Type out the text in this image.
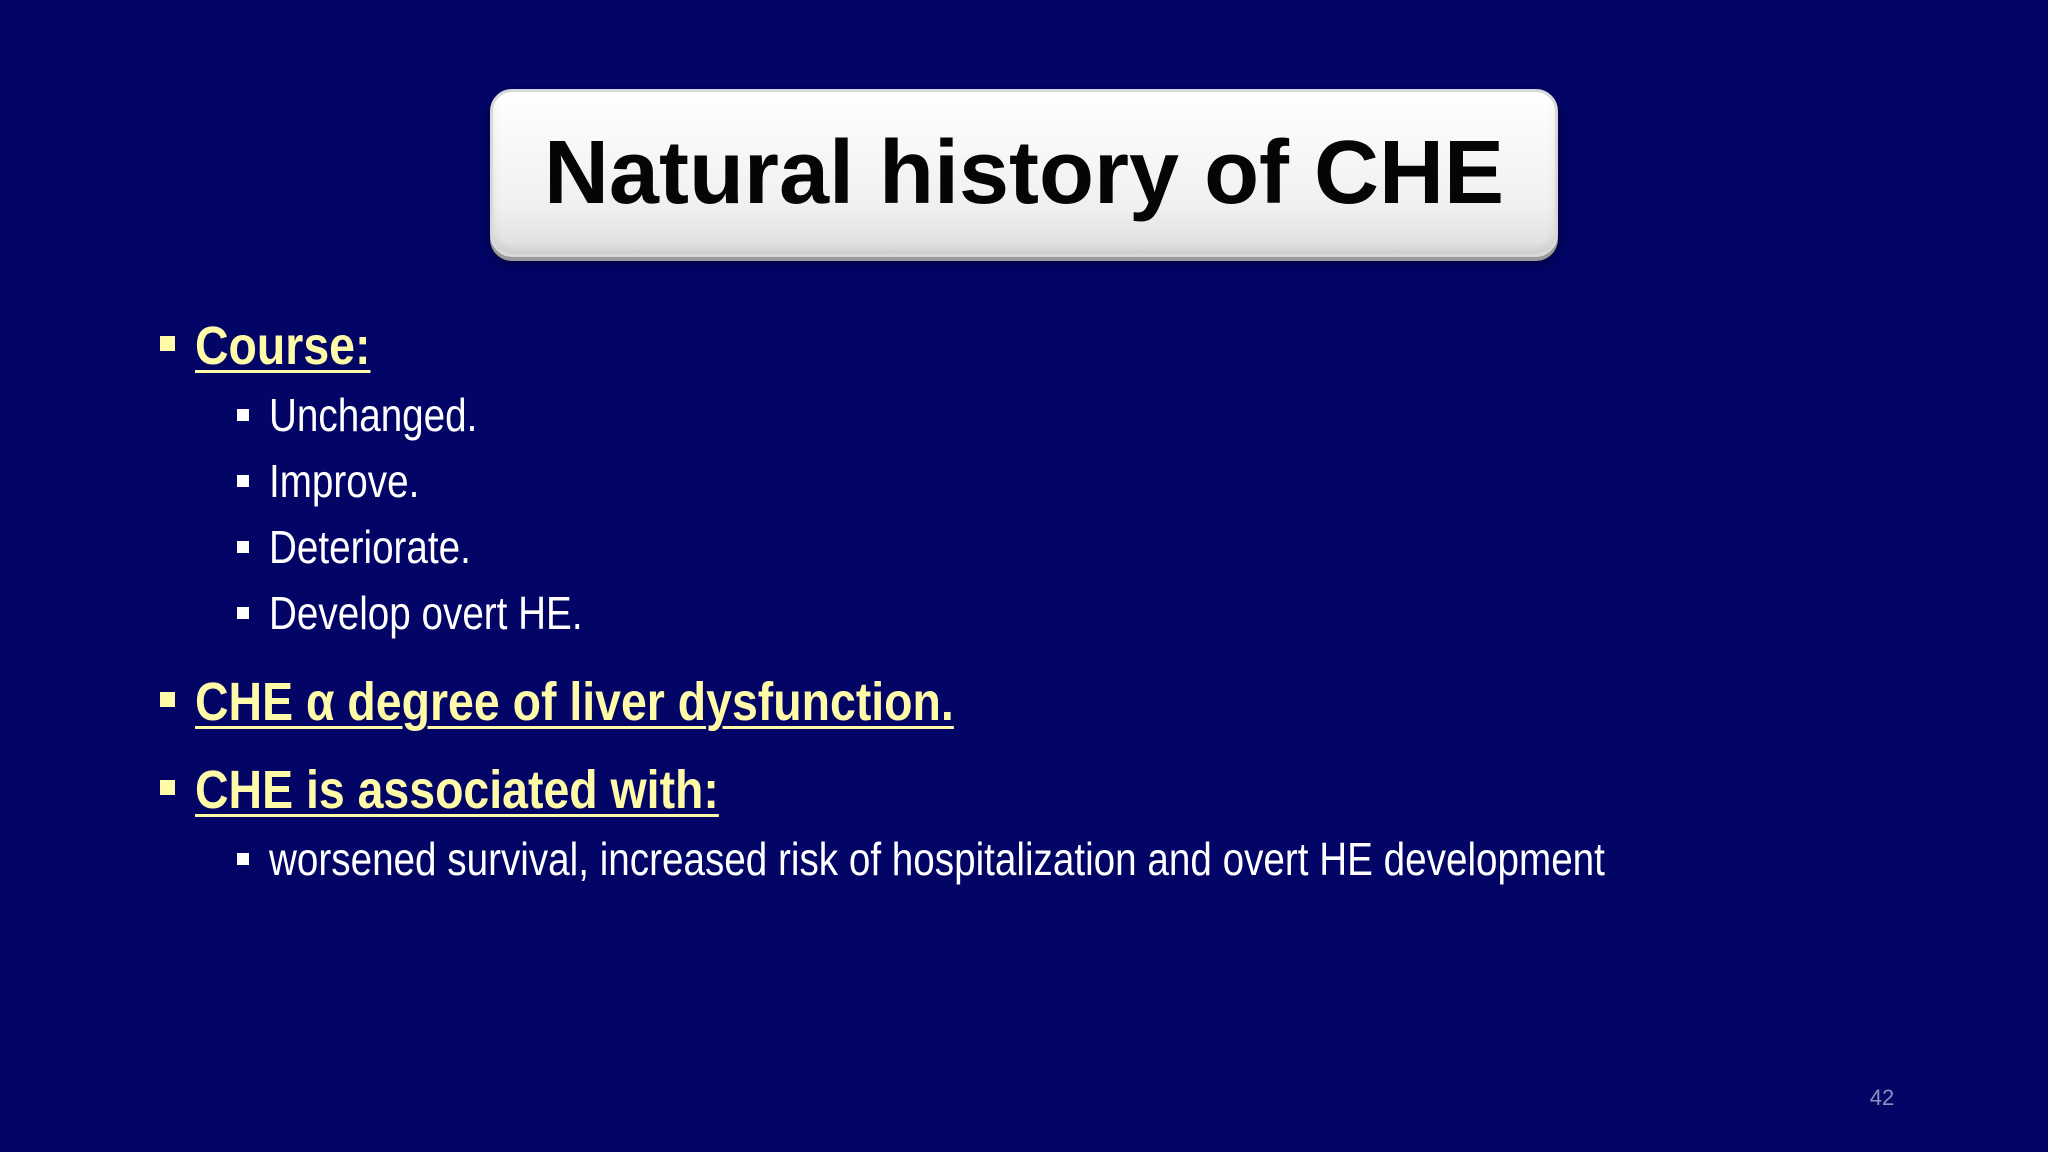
Natural history of CHE
Course:
Unchanged.
Improve.
Deteriorate.
Develop overt HE.
CHE α degree of liver dysfunction.
CHE is associated with:
worsened survival, increased risk of hospitalization and overt HE development
42
